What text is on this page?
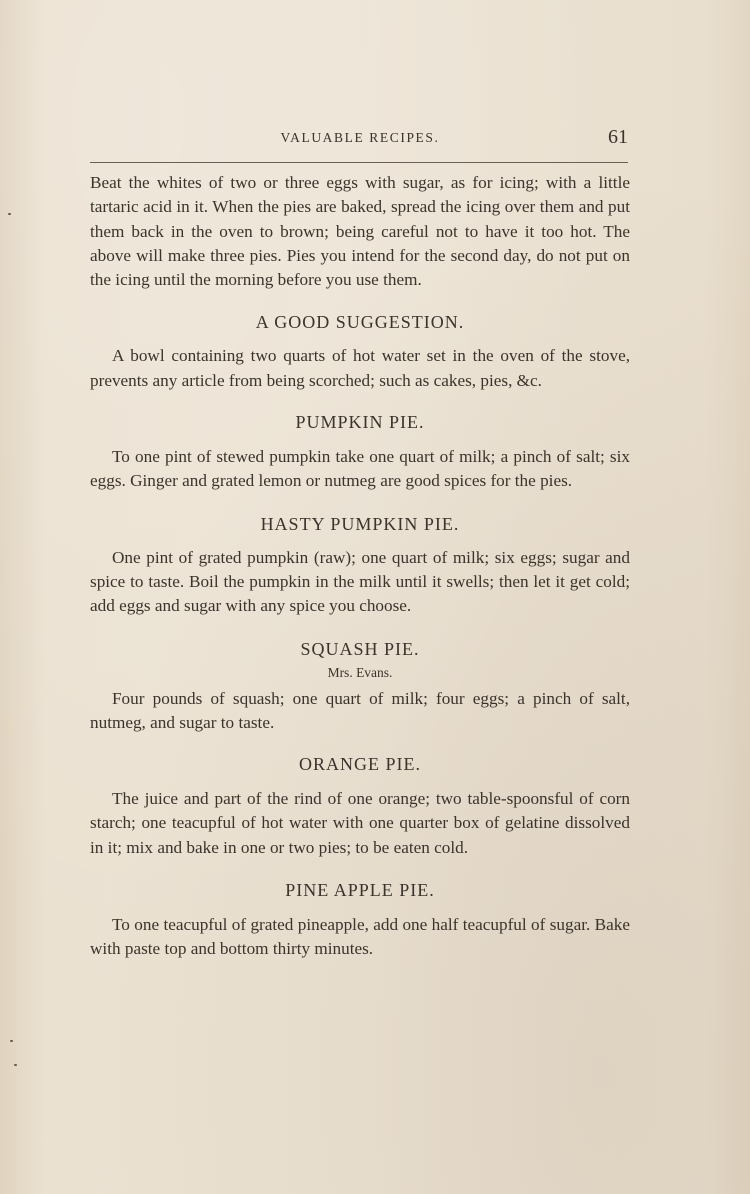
VALUABLE RECIPES.	61

Beat the whites of two or three eggs with sugar, as for icing; with a little tartaric acid in it. When the pies are baked, spread the icing over them and put them back in the oven to brown; being careful not to have it too hot. The above will make three pies. Pies you intend for the second day, do not put on the icing until the morning before you use them.

A GOOD SUGGESTION.

A bowl containing two quarts of hot water set in the oven of the stove, prevents any article from being scorched; such as cakes, pies, &c.

PUMPKIN PIE.

To one pint of stewed pumpkin take one quart of milk; a pinch of salt; six eggs. Ginger and grated lemon or nutmeg are good spices for the pies.

HASTY PUMPKIN PIE.

One pint of grated pumpkin (raw); one quart of milk; six eggs; sugar and spice to taste. Boil the pumpkin in the milk until it swells; then let it get cold; add eggs and sugar with any spice you choose.

SQUASH PIE.
Mrs. Evans.

Four pounds of squash; one quart of milk; four eggs; a pinch of salt, nutmeg, and sugar to taste.

ORANGE PIE.

The juice and part of the rind of one orange; two table-spoonsful of corn starch; one teacupful of hot water with one quarter box of gelatine dissolved in it; mix and bake in one or two pies; to be eaten cold.

PINE APPLE PIE.

To one teacupful of grated pineapple, add one half teacupful of sugar. Bake with paste top and bottom thirty minutes.
